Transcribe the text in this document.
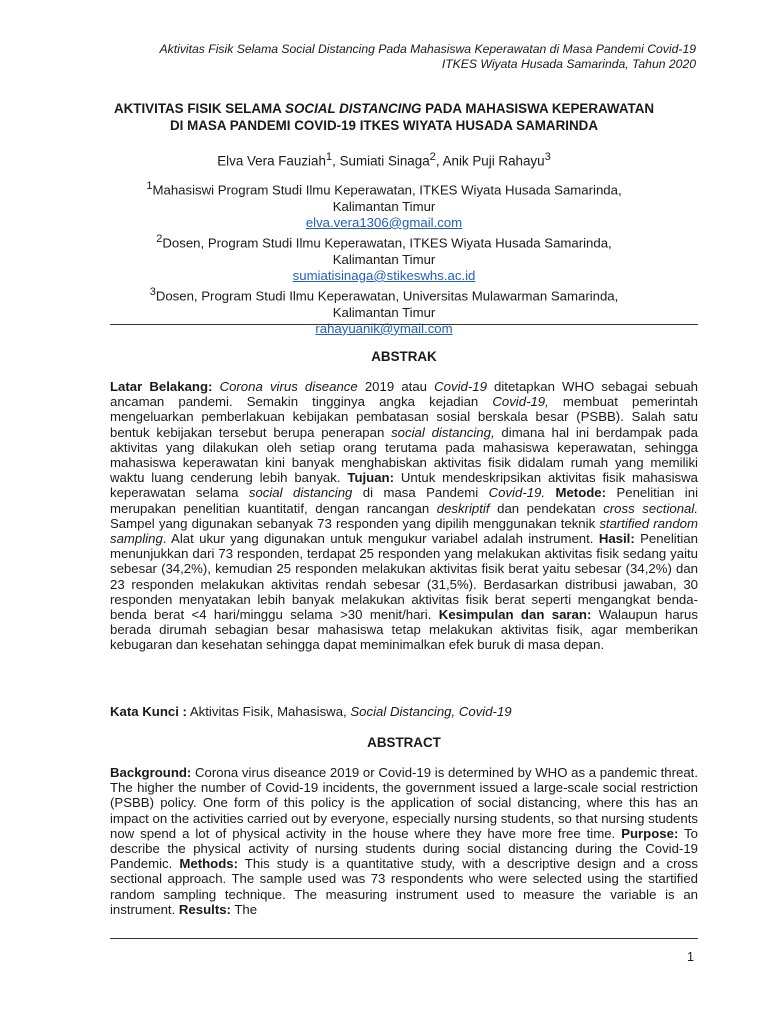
Aktivitas Fisik Selama Social Distancing Pada Mahasiswa Keperawatan di Masa Pandemi Covid-19
ITKES Wiyata Husada Samarinda, Tahun 2020
AKTIVITAS FISIK SELAMA SOCIAL DISTANCING PADA MAHASISWA KEPERAWATAN
DI MASA PANDEMI COVID-19 ITKES WIYATA HUSADA SAMARINDA
Elva Vera Fauziah$^1$, Sumiati Sinaga$^2$, Anik Puji Rahayu$^3$
$^1$Mahasiswi Program Studi Ilmu Keperawatan, ITKES Wiyata Husada Samarinda,
Kalimantan Timur
elva.vera1306@gmail.com
$^2$Dosen, Program Studi Ilmu Keperawatan, ITKES Wiyata Husada Samarinda,
Kalimantan Timur
sumiatisinaga@stikeswhs.ac.id
$^3$Dosen, Program Studi Ilmu Keperawatan, Universitas Mulawarman Samarinda,
Kalimantan Timur
rahayuanik@ymail.com
ABSTRAK
Latar Belakang: Corona virus diseance 2019 atau Covid-19 ditetapkan WHO sebagai sebuah ancaman pandemi. Semakin tingginya angka kejadian Covid-19, membuat pemerintah mengeluarkan pemberlakuan kebijakan pembatasan sosial berskala besar (PSBB). Salah satu bentuk kebijakan tersebut berupa penerapan social distancing, dimana hal ini berdampak pada aktivitas yang dilakukan oleh setiap orang terutama pada mahasiswa keperawatan, sehingga mahasiswa keperawatan kini banyak menghabiskan aktivitas fisik didalam rumah yang memiliki waktu luang cenderung lebih banyak. Tujuan: Untuk mendeskripsikan aktivitas fisik mahasiswa keperawatan selama social distancing di masa Pandemi Covid-19. Metode: Penelitian ini merupakan penelitian kuantitatif, dengan rancangan deskriptif dan pendekatan cross sectional. Sampel yang digunakan sebanyak 73 responden yang dipilih menggunakan teknik startified random sampling. Alat ukur yang digunakan untuk mengukur variabel adalah instrument. Hasil: Penelitian menunjukkan dari 73 responden, terdapat 25 responden yang melakukan aktivitas fisik sedang yaitu sebesar (34,2%), kemudian 25 responden melakukan aktivitas fisik berat yaitu sebesar (34,2%) dan 23 responden melakukan aktivitas rendah sebesar (31,5%). Berdasarkan distribusi jawaban, 30 responden menyatakan lebih banyak melakukan aktivitas fisik berat seperti mengangkat benda-benda berat <4 hari/minggu selama >30 menit/hari. Kesimpulan dan saran: Walaupun harus berada dirumah sebagian besar mahasiswa tetap melakukan aktivitas fisik, agar memberikan kebugaran dan kesehatan sehingga dapat meminimalkan efek buruk di masa depan.
Kata Kunci : Aktivitas Fisik, Mahasiswa, Social Distancing, Covid-19
ABSTRACT
Background: Corona virus diseance 2019 or Covid-19 is determined by WHO as a pandemic threat. The higher the number of Covid-19 incidents, the government issued a large-scale social restriction (PSBB) policy. One form of this policy is the application of social distancing, where this has an impact on the activities carried out by everyone, especially nursing students, so that nursing students now spend a lot of physical activity in the house where they have more free time. Purpose: To describe the physical activity of nursing students during social distancing during the Covid-19 Pandemic. Methods: This study is a quantitative study, with a descriptive design and a cross sectional approach. The sample used was 73 respondents who were selected using the startified random sampling technique. The measuring instrument used to measure the variable is an instrument. Results: The
1
